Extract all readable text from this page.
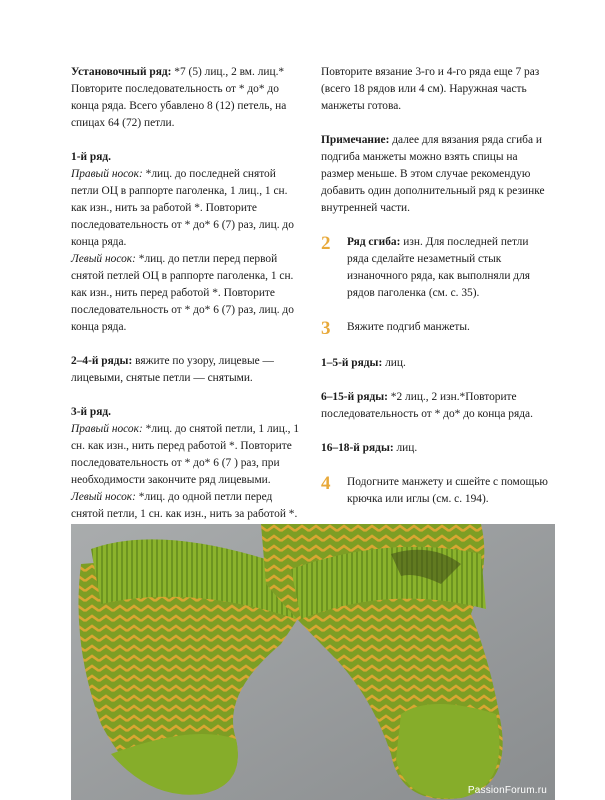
Установочный ряд: *7 (5) лиц., 2 вм. лиц.* Повторите последовательность от * до* до конца ряда. Всего убавлено 8 (12) петель, на спицах 64 (72) петли.

1-й ряд.
Правый носок: *лиц. до последней снятой петли ОЦ в раппорте паголенка, 1 лиц., 1 сн. как изн., нить за работой *. Повторите последовательность от * до* 6 (7) раз, лиц. до конца ряда.
Левый носок: *лиц. до петли перед первой снятой петлей ОЦ в раппорте паголенка, 1 сн. как изн., нить перед работой *. Повторите последовательность от * до* 6 (7) раз, лиц. до конца ряда.

2–4-й ряды: вяжите по узору, лицевые — лицевыми, снятые петли — снятыми.

3-й ряд.
Правый носок: *лиц. до снятой петли, 1 лиц., 1 сн. как изн., нить перед работой *. Повторите последовательность от * до* 6 (7 ) раз, при необходимости закончите ряд лицевыми.
Левый носок: *лиц. до одной петли перед снятой петли, 1 сн. как изн., нить за работой *.

Повторите вязание 3-го и 4-го ряда еще 7 раз (всего 18 рядов или 4 см). Наружная часть манжеты готова.

Примечание: далее для вязания ряда сгиба и подгиба манжеты можно взять спицы на размер меньше. В этом случае рекомендую добавить один дополнительный ряд к резинке внутренней части.

2	Ряд сгиба: изн. Для последней петли ряда сделайте незаметный стык изнаночного ряда, как выполняли для рядов паголенка (см. с. 35).
3	Вяжите подгиб манжеты.

1–5-й ряды: лиц.

6–15-й ряды: *2 лиц., 2 изн.*Повторите последовательность от * до* до конца ряда.

16–18-й ряды: лиц.

4	Подогните манжету и сшейте с помощью крючка или иглы (см. с. 194).
PassionForum.ru
